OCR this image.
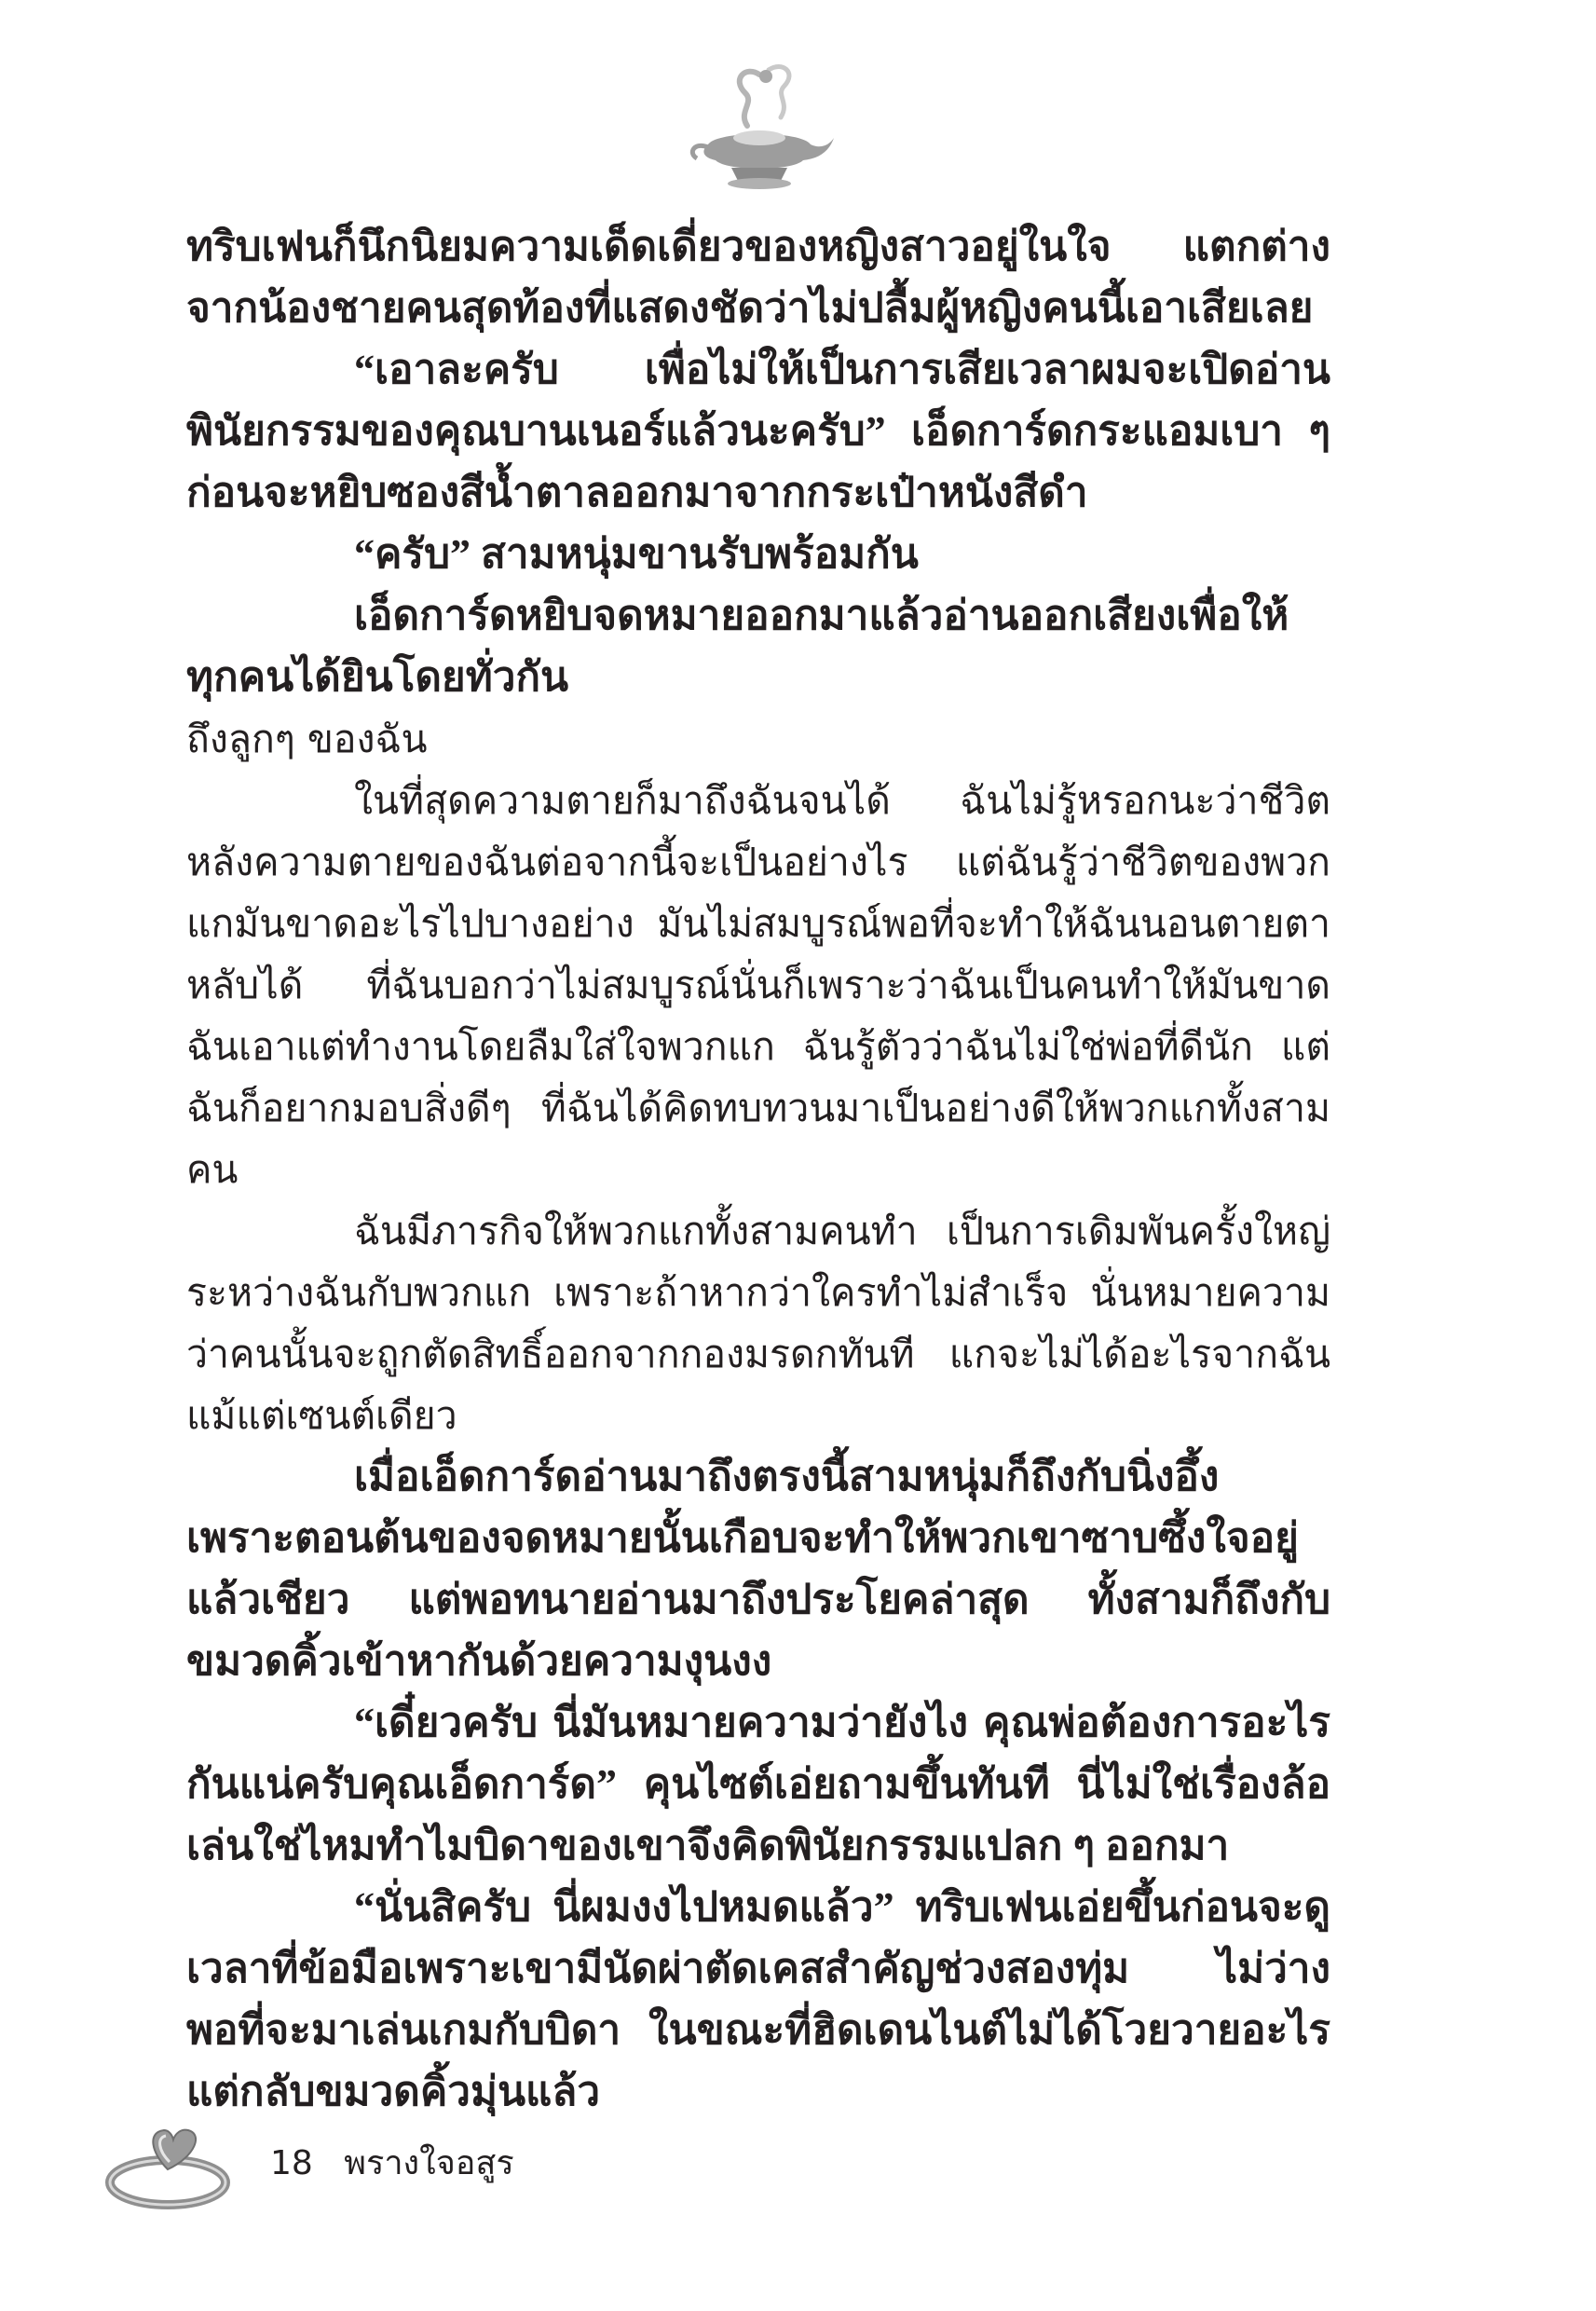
ทริบเฟนก็นึกนิยมความเด็ดเดี่ยวของหญิงสาวอยู่ในใจ แตกต่างจากน้องชายคนสุดท้องที่แสดงชัดว่าไม่ปลื้มผู้หญิงคนนี้เอาเสียเลย

“เอาละครับ เพื่อไม่ให้เป็นการเสียเวลาผมจะเปิดอ่านพินัยกรรมของคุณบานเนอร์แล้วนะครับ” เอ็ดการ์ดกระแอมเบา ๆ ก่อนจะหยิบซองสีน้ำตาลออกมาจากกระเป๋าหนังสีดำ

“ครับ” สามหนุ่มขานรับพร้อมกัน

เอ็ดการ์ดหยิบจดหมายออกมาแล้วอ่านออกเสียงเพื่อให้ทุกคนได้ยินโดยทั่วกัน

ถึงลูกๆ ของฉัน

ในที่สุดความตายก็มาถึงฉันจนได้ ฉันไม่รู้หรอกนะว่าชีวิตหลังความตายของฉันต่อจากนี้จะเป็นอย่างไร แต่ฉันรู้ว่าชีวิตของพวกแกมันขาดอะไรไปบางอย่าง มันไม่สมบูรณ์พอที่จะทำให้ฉันนอนตายตาหลับได้ ที่ฉันบอกว่าไม่สมบูรณ์นั่นก็เพราะว่าฉันเป็นคนทำให้มันขาด ฉันเอาแต่ทำงานโดยลืมใส่ใจพวกแก ฉันรู้ตัวว่าฉันไม่ใช่พ่อที่ดีนัก แต่ฉันก็อยากมอบสิ่งดีๆ ที่ฉันได้คิดทบทวนมาเป็นอย่างดีให้พวกแกทั้งสามคน

ฉันมีภารกิจให้พวกแกทั้งสามคนทำ เป็นการเดิมพันครั้งใหญ่ระหว่างฉันกับพวกแก เพราะถ้าหากว่าใครทำไม่สำเร็จ นั่นหมายความว่าคนนั้นจะถูกตัดสิทธิ์ออกจากกองมรดกทันที แกจะไม่ได้อะไรจากฉันแม้แต่เซนต์เดียว

เมื่อเอ็ดการ์ดอ่านมาถึงตรงนี้สามหนุ่มก็ถึงกับนิ่งอึ้ง เพราะตอนต้นของจดหมายนั้นเกือบจะทำให้พวกเขาซาบซึ้งใจอยู่แล้วเชียว แต่พอทนายอ่านมาถึงประโยคล่าสุด ทั้งสามก็ถึงกับขมวดคิ้วเข้าหากันด้วยความงุนงง

“เดี๋ยวครับ นี่มันหมายความว่ายังไง คุณพ่อต้องการอะไรกันแน่ครับคุณเอ็ดการ์ด” คุนไซต์เอ่ยถามขึ้นทันที นี่ไม่ใช่เรื่องล้อเล่นใช่ไหมทำไมบิดาของเขาจึงคิดพินัยกรรมแปลก ๆ ออกมา

“นั่นสิครับ นี่ผมงงไปหมดแล้ว” ทริบเฟนเอ่ยขึ้นก่อนจะดูเวลาที่ข้อมือเพราะเขามีนัดผ่าตัดเคสสำคัญช่วงสองทุ่ม ไม่ว่างพอที่จะมาเล่นเกมกับบิดา ในขณะที่ฮิดเดนไนต์ไม่ได้โวยวายอะไร แต่กลับขมวดคิ้วมุ่นแล้ว

18 พรางใจอสูร
